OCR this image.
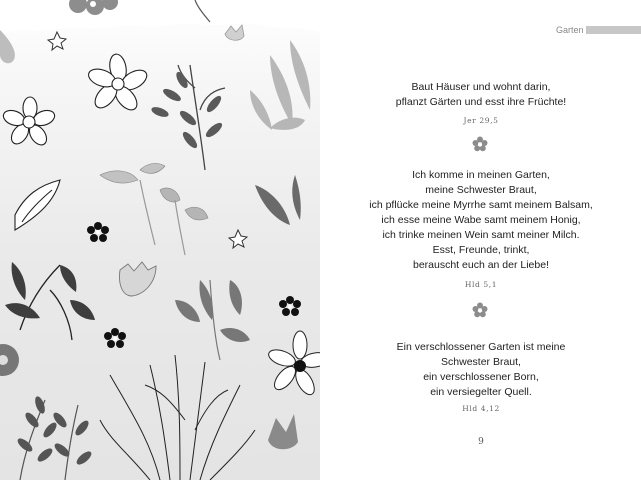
Garten
Baut Häuser und wohnt darin,
pflanzt Gärten und esst ihre Früchte!
Jer 29,5
Ich komme in meinen Garten,
meine Schwester Braut,
ich pflücke meine Myrrhe samt meinem Balsam,
ich esse meine Wabe samt meinem Honig,
ich trinke meinen Wein samt meiner Milch.
Esst, Freunde, trinkt,
berauscht euch an der Liebe!
Hld 5,1
Ein verschlossener Garten ist meine
Schwester Braut,
ein verschlossener Born,
ein versiegelter Quell.
Hld 4,12
9
